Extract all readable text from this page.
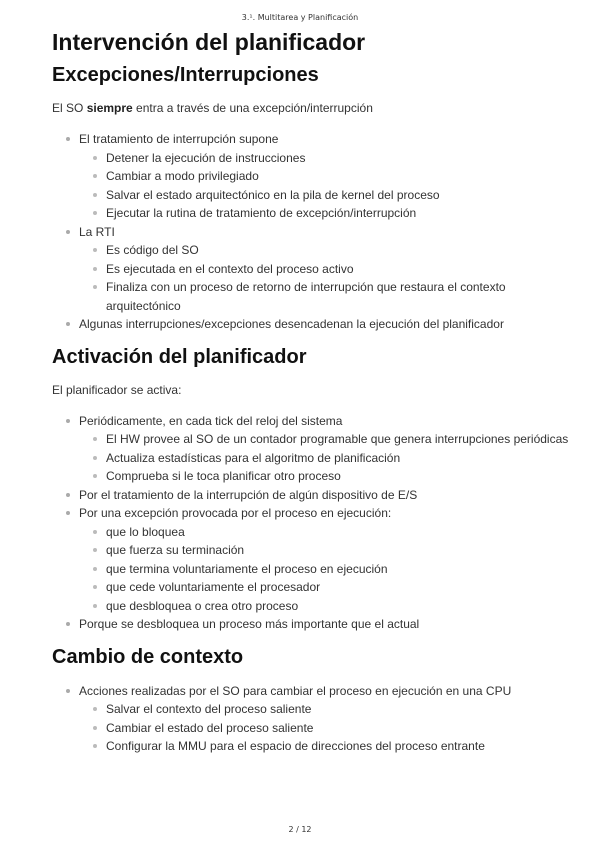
3.¹. Multitarea y Planificación
Intervención del planificador
Excepciones/Interrupciones

El SO siempre entra a través de una excepción/interrupción

El tratamiento de interrupción supone
Detener la ejecución de instrucciones
Cambiar a modo privilegiado
Salvar el estado arquitectónico en la pila de kernel del proceso
Ejecutar la rutina de tratamiento de excepción/interrupción
La RTI
Es código del SO
Es ejecutada en el contexto del proceso activo
Finaliza con un proceso de retorno de interrupción que restaura el contexto arquitectónico
Algunas interrupciones/excepciones desencadenan la ejecución del planificador
Activación del planificador

El planificador se activa:

Periódicamente, en cada tick del reloj del sistema
El HW provee al SO de un contador programable que genera interrupciones periódicas
Actualiza estadísticas para el algoritmo de planificación
Comprueba si le toca planificar otro proceso
Por el tratamiento de la interrupción de algún dispositivo de E/S
Por una excepción provocada por el proceso en ejecución:
que lo bloquea
que fuerza su terminación
que termina voluntariamente el proceso en ejecución
que cede voluntariamente el procesador
que desbloquea o crea otro proceso
Porque se desbloquea un proceso más importante que el actual
Cambio de contexto
Acciones realizadas por el SO para cambiar el proceso en ejecución en una CPU
Salvar el contexto del proceso saliente
Cambiar el estado del proceso saliente
Configurar la MMU para el espacio de direcciones del proceso entrante
2 / 12
